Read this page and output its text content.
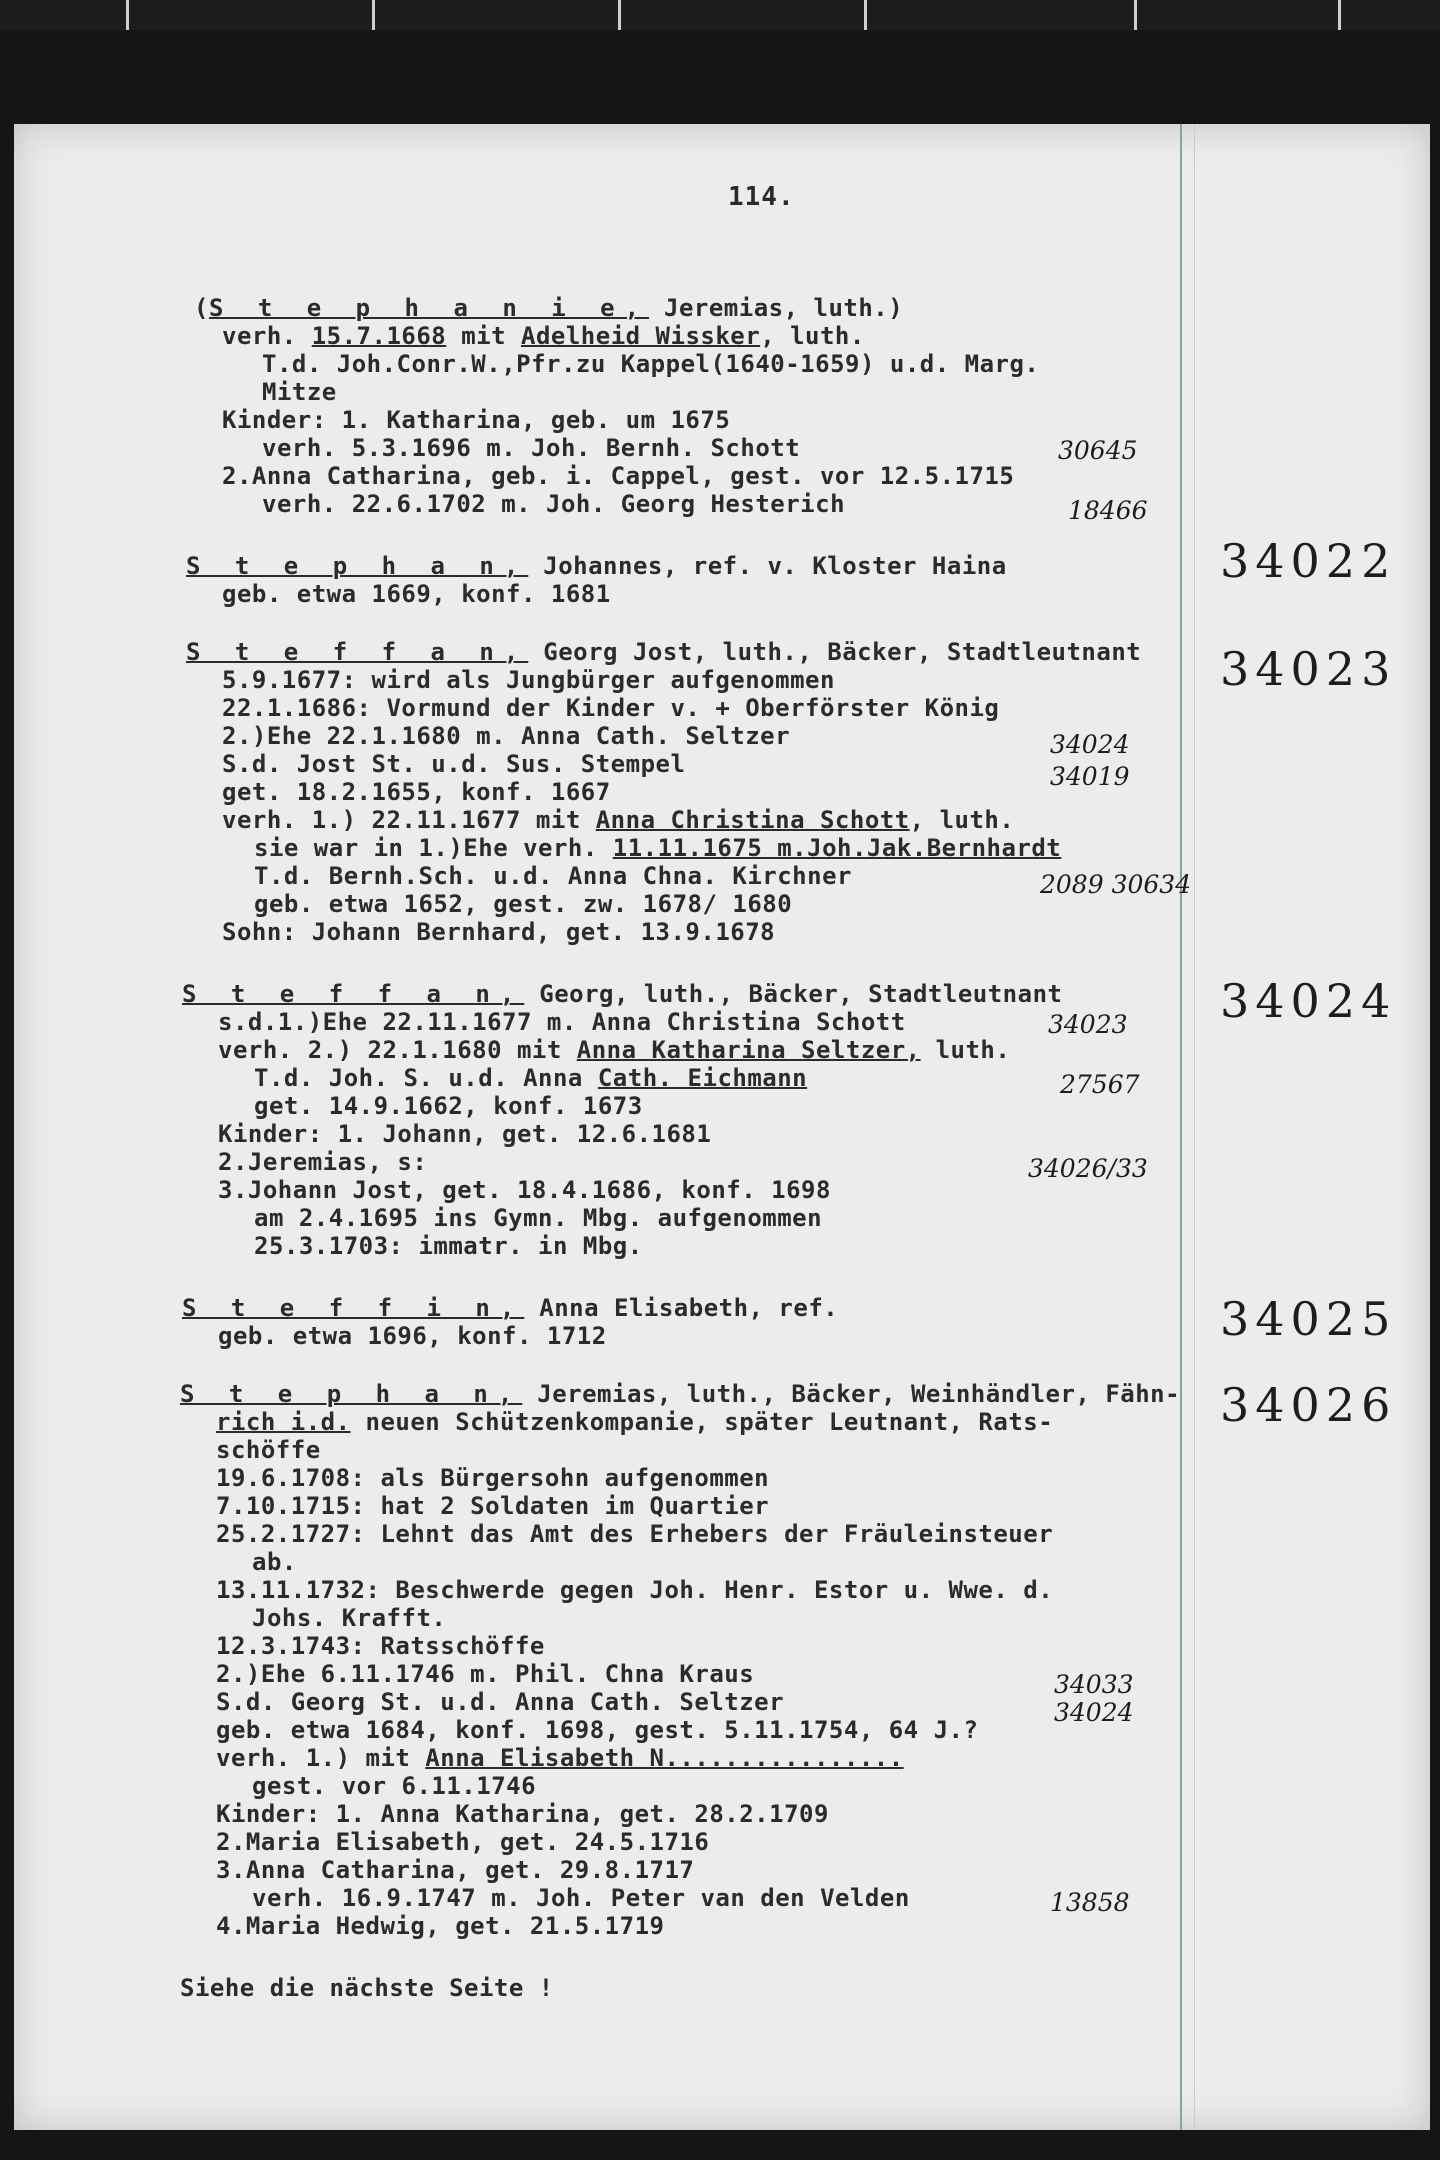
114.
(S t e p h a n i e, Jeremias, luth.)
verh. 15.7.1668 mit Adelheid Wissker, luth.
T.d. Joh.Conr.W.,Pfr.zu Kappel(1640-1659) u.d. Marg.
Mitze
Kinder: 1. Katharina, geb. um 1675
verh. 5.3.1696 m. Joh. Bernh. Schott
2.Anna Catharina, geb. i. Cappel, gest. vor 12.5.1715
verh. 22.6.1702 m. Joh. Georg Hesterich
30645
18466
S t e p h a n, Johannes, ref. v. Kloster Haina
geb. etwa 1669, konf. 1681
34022
S t e f f a n, Georg Jost, luth., Bäcker, Stadtleutnant
5.9.1677: wird als Jungbürger aufgenommen
22.1.1686: Vormund der Kinder v. + Oberförster König
2.)Ehe 22.1.1680 m. Anna Cath. Seltzer
S.d. Jost St. u.d. Sus. Stempel
get. 18.2.1655, konf. 1667
verh. 1.) 22.11.1677 mit Anna Christina Schott, luth.
sie war in 1.)Ehe verh. 11.11.1675 m.Joh.Jak.Bernhardt
T.d. Bernh.Sch. u.d. Anna Chna. Kirchner
geb. etwa 1652, gest. zw. 1678/ 1680
Sohn: Johann Bernhard, get. 13.9.1678
34024
34019
2089 30634
34023
S t e f f a n, Georg, luth., Bäcker, Stadtleutnant
s.d.1.)Ehe 22.11.1677 m. Anna Christina Schott
verh. 2.) 22.1.1680 mit Anna Katharina Seltzer, luth.
T.d. Joh. S. u.d. Anna Cath. Eichmann
get. 14.9.1662, konf. 1673
Kinder: 1. Johann, get. 12.6.1681
2.Jeremias, s:
3.Johann Jost, get. 18.4.1686, konf. 1698
am 2.4.1695 ins Gymn. Mbg. aufgenommen
25.3.1703: immatr. in Mbg.
34023
27567
34026/33
34024
S t e f f i n, Anna Elisabeth, ref.
geb. etwa 1696, konf. 1712	34025
S t e p h a n, Jeremias, luth., Bäcker, Weinhändler, Fähn-
rich i.d. neuen Schützenkompanie, später Leutnant, Rats-
schöffe
19.6.1708: als Bürgersohn aufgenommen
7.10.1715: hat 2 Soldaten im Quartier
25.2.1727: Lehnt das Amt des Erhebers der Fräuleinsteuer
ab.
13.11.1732: Beschwerde gegen Joh. Henr. Estor u. Wwe. d.
Johs. Krafft.
12.3.1743: Ratsschöffe
2.)Ehe 6.11.1746 m. Phil. Chna Kraus
S.d. Georg St. u.d. Anna Cath. Seltzer
geb. etwa 1684, konf. 1698, gest. 5.11.1754, 64 J.?
verh. 1.) mit Anna Elisabeth N................
gest. vor 6.11.1746
Kinder: 1. Anna Katharina, get. 28.2.1709
2.Maria Elisabeth, get. 24.5.1716
3.Anna Catharina, get. 29.8.1717
verh. 16.9.1747 m. Joh. Peter van den Velden
4.Maria Hedwig, get. 21.5.1719
34033
34024
13858
34026
Siehe die nächste Seite !
